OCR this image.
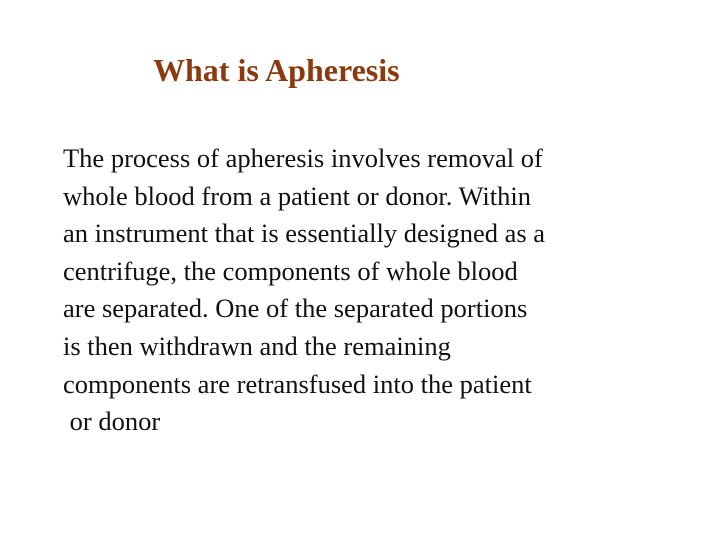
What is Apheresis

The process of apheresis involves removal of
whole blood from a patient or donor. Within
an instrument that is essentially designed as a
centrifuge, the components of whole blood
are separated. One of the separated portions
is then withdrawn and the remaining
components are retransfused into the patient
or donor
